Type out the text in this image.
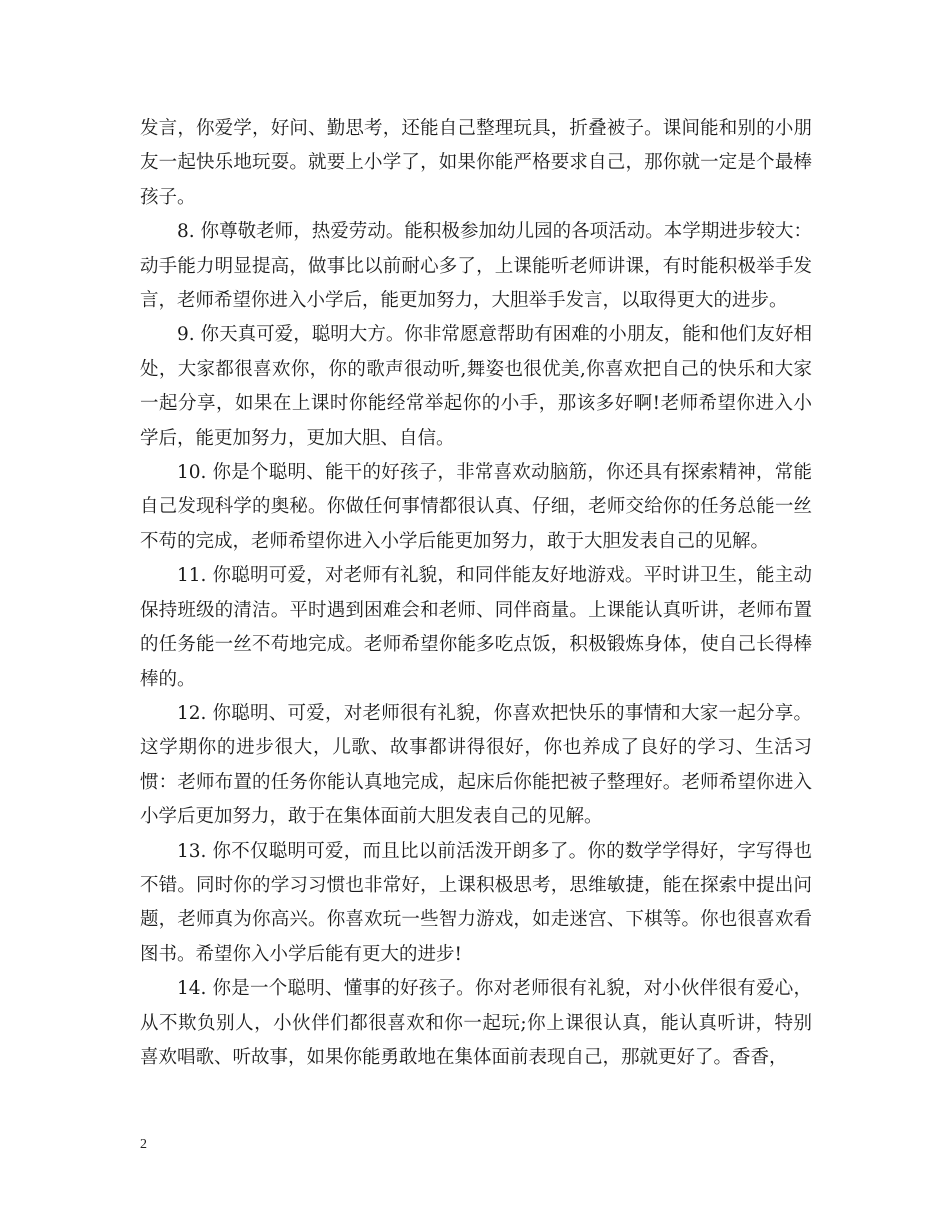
发言，你爱学，好问、勤思考，还能自己整理玩具，折叠被子。课间能和别的小朋友一起快乐地玩耍。就要上小学了，如果你能严格要求自己，那你就一定是个最棒孩子。

8. 你尊敬老师，热爱劳动。能积极参加幼儿园的各项活动。本学期进步较大：动手能力明显提高，做事比以前耐心多了，上课能听老师讲课，有时能积极举手发言，老师希望你进入小学后，能更加努力，大胆举手发言，以取得更大的进步。

9. 你天真可爱，聪明大方。你非常愿意帮助有困难的小朋友，能和他们友好相处，大家都很喜欢你，你的歌声很动听,舞姿也很优美,你喜欢把自己的快乐和大家一起分享，如果在上课时你能经常举起你的小手，那该多好啊!老师希望你进入小学后，能更加努力，更加大胆、自信。

10. 你是个聪明、能干的好孩子，非常喜欢动脑筋，你还具有探索精神，常能自己发现科学的奥秘。你做任何事情都很认真、仔细，老师交给你的任务总能一丝不苟的完成，老师希望你进入小学后能更加努力，敢于大胆发表自己的见解。

11. 你聪明可爱，对老师有礼貌，和同伴能友好地游戏。平时讲卫生，能主动保持班级的清洁。平时遇到困难会和老师、同伴商量。上课能认真听讲，老师布置的任务能一丝不苟地完成。老师希望你能多吃点饭，积极锻炼身体，使自己长得棒棒的。

12. 你聪明、可爱，对老师很有礼貌，你喜欢把快乐的事情和大家一起分享。这学期你的进步很大，儿歌、故事都讲得很好，你也养成了良好的学习、生活习惯：老师布置的任务你能认真地完成，起床后你能把被子整理好。老师希望你进入小学后更加努力，敢于在集体面前大胆发表自己的见解。

13. 你不仅聪明可爱，而且比以前活泼开朗多了。你的数学学得好，字写得也不错。同时你的学习习惯也非常好，上课积极思考，思维敏捷，能在探索中提出问题，老师真为你高兴。你喜欢玩一些智力游戏，如走迷宫、下棋等。你也很喜欢看图书。希望你入小学后能有更大的进步!

14. 你是一个聪明、懂事的好孩子。你对老师很有礼貌，对小伙伴很有爱心，从不欺负别人，小伙伴们都很喜欢和你一起玩;你上课很认真，能认真听讲，特别喜欢唱歌、听故事，如果你能勇敢地在集体面前表现自己，那就更好了。香香，

2
